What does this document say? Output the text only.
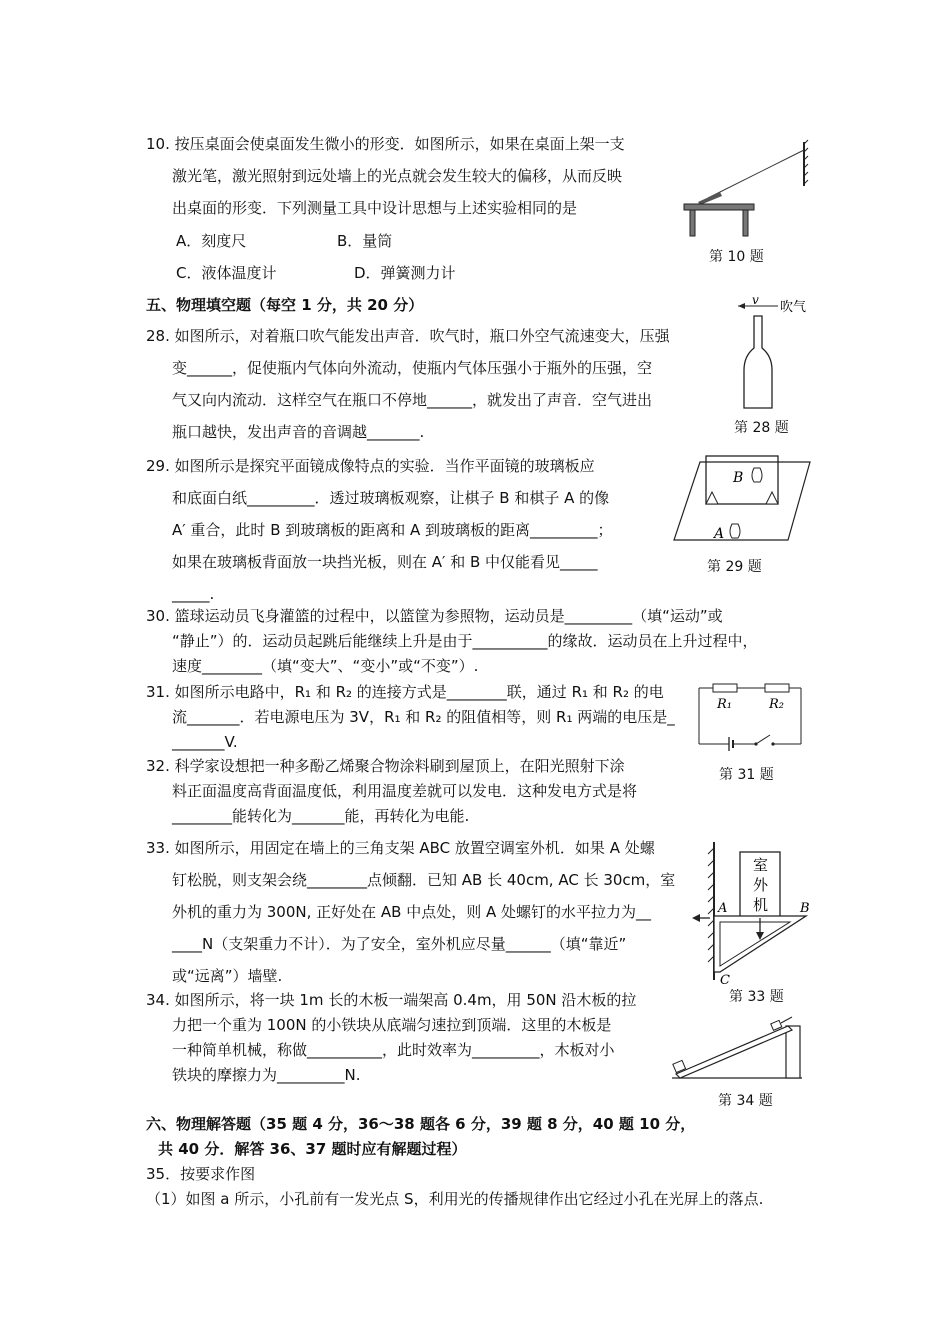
10. 按压桌面会使桌面发生微小的形变．如图所示，如果在桌面上架一支
激光笔，激光照射到远处墙上的光点就会发生较大的偏移，从而反映
出桌面的形变．下列测量工具中设计思想与上述实验相同的是
A．刻度尺	B．量筒
C．液体温度计	D．弹簧测力计
第 10 题
五、物理填空题（每空 1 分，共 20 分）
28. 如图所示，对着瓶口吹气能发出声音．吹气时，瓶口外空气流速变大，压强
变______，促使瓶内气体向外流动，使瓶内气体压强小于瓶外的压强，空
气又向内流动．这样空气在瓶口不停地______，就发出了声音．空气进出
瓶口越快，发出声音的音调越_______.
v 吹气
第 28 题
29. 如图所示是探究平面镜成像特点的实验．当作平面镜的玻璃板应
和底面白纸_________．透过玻璃板观察，让棋子 B 和棋子 A 的像
A′ 重合，此时 B 到玻璃板的距离和 A 到玻璃板的距离_________；
如果在玻璃板背面放一块挡光板，则在 A′ 和 B 中仅能看见_____
_____.
B
A
第 29 题
30. 篮球运动员飞身灌篮的过程中，以篮筐为参照物，运动员是_________（填“运动”或
“静止”）的．运动员起跳后能继续上升是由于__________的缘故．运动员在上升过程中，
速度________（填“变大”、“变小”或“不变”）.
31. 如图所示电路中，R₁ 和 R₂ 的连接方式是________联，通过 R₁ 和 R₂ 的电
流_______．若电源电压为 3V，R₁ 和 R₂ 的阻值相等，则 R₁ 两端的电压是_
_______V.
R₁	R₂
第 31 题
32. 科学家设想把一种多酚乙烯聚合物涂料刷到屋顶上，在阳光照射下涂
料正面温度高背面温度低，利用温度差就可以发电．这种发电方式是将
________能转化为_______能，再转化为电能.
33. 如图所示，用固定在墙上的三角支架 ABC 放置空调室外机．如果 A 处螺
钉松脱，则支架会绕________点倾翻．已知 AB 长 40cm, AC 长 30cm，室
外机的重力为 300N, 正好处在 AB 中点处，则 A 处螺钉的水平拉力为__
____N（支架重力不计）．为了安全，室外机应尽量______（填“靠近”
或“远离”）墙壁.
室
外
机
A	B
C
第 33 题
34. 如图所示，将一块 1m 长的木板一端架高 0.4m，用 50N 沿木板的拉
力把一个重为 100N 的小铁块从底端匀速拉到顶端．这里的木板是
一种简单机械，称做__________，此时效率为_________，木板对小
铁块的摩擦力为_________N.
第 34 题
六、物理解答题（35 题 4 分，36～38 题各 6 分，39 题 8 分，40 题 10 分，
共 40 分．解答 36、37 题时应有解题过程）
35．按要求作图
（1）如图 a 所示，小孔前有一发光点 S，利用光的传播规律作出它经过小孔在光屏上的落点.
